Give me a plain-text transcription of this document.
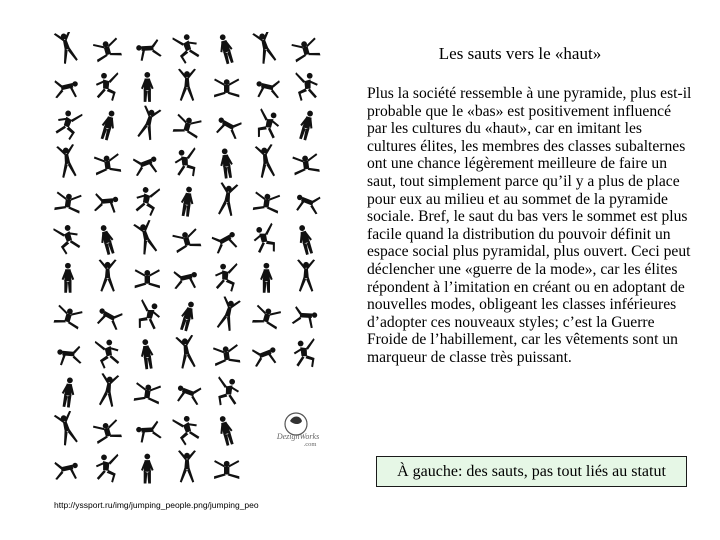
DezignWorks
.com
Les sauts vers le «haut»

Plus la société ressemble à une pyramide, plus est-il probable que le «bas» est positivement influencé par les cultures du «haut», car en imitant les cultures élites, les membres des classes subalternes ont une chance légèrement meilleure de faire un saut, tout simplement parce qu’il y a plus de place pour eux au milieu et au sommet de la pyramide sociale. Bref, le saut du bas vers le sommet est plus facile quand la distribution du pouvoir définit un espace social plus pyramidal, plus ouvert. Ceci peut déclencher une «guerre de la mode», car les élites répondent à l’imitation en créant ou en adoptant de nouvelles modes, obligeant les classes inférieures d’adopter ces nouveaux styles; c’est la Guerre Froide de l’habillement, car les vêtements sont un marqueur de classe très puissant.

À gauche: des sauts, pas tout liés au statut
http://yssport.ru/img/jumping_people.png/jumping_peo
